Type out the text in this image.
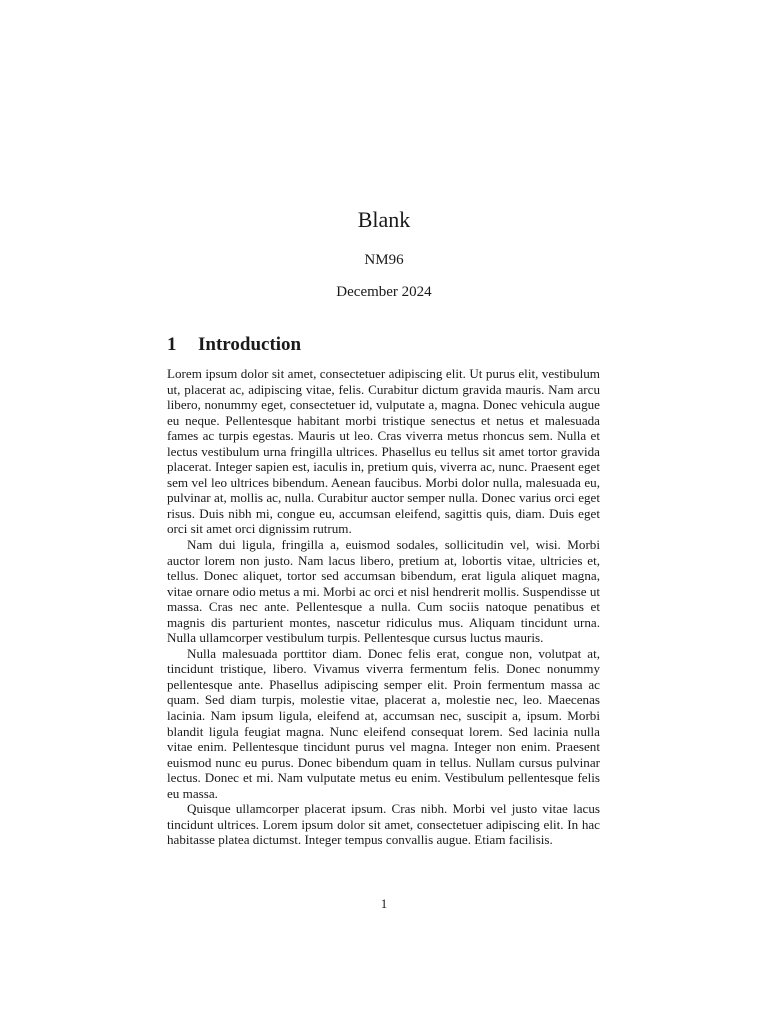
Blank
NM96
December 2024
1 Introduction

Lorem ipsum dolor sit amet, consectetuer adipiscing elit. Ut purus elit, vestibulum ut, placerat ac, adipiscing vitae, felis. Curabitur dictum gravida mauris. Nam arcu libero, nonummy eget, consectetuer id, vulputate a, magna. Donec vehicula augue eu neque. Pellentesque habitant morbi tristique senectus et netus et malesuada fames ac turpis egestas. Mauris ut leo. Cras viverra metus rhoncus sem. Nulla et lectus vestibulum urna fringilla ultrices. Phasellus eu tellus sit amet tortor gravida placerat. Integer sapien est, iaculis in, pretium quis, viverra ac, nunc. Praesent eget sem vel leo ultrices bibendum. Aenean faucibus. Morbi dolor nulla, malesuada eu, pulvinar at, mollis ac, nulla. Curabitur auctor semper nulla. Donec varius orci eget risus. Duis nibh mi, congue eu, accumsan eleifend, sagittis quis, diam. Duis eget orci sit amet orci dignissim rutrum.

Nam dui ligula, fringilla a, euismod sodales, sollicitudin vel, wisi. Morbi auctor lorem non justo. Nam lacus libero, pretium at, lobortis vitae, ultricies et, tellus. Donec aliquet, tortor sed accumsan bibendum, erat ligula aliquet magna, vitae ornare odio metus a mi. Morbi ac orci et nisl hendrerit mollis. Suspendisse ut massa. Cras nec ante. Pellentesque a nulla. Cum sociis natoque penatibus et magnis dis parturient montes, nascetur ridiculus mus. Aliquam tincidunt urna. Nulla ullamcorper vestibulum turpis. Pellentesque cursus luctus mauris.

Nulla malesuada porttitor diam. Donec felis erat, congue non, volutpat at, tincidunt tristique, libero. Vivamus viverra fermentum felis. Donec nonummy pellentesque ante. Phasellus adipiscing semper elit. Proin fermentum massa ac quam. Sed diam turpis, molestie vitae, placerat a, molestie nec, leo. Maecenas lacinia. Nam ipsum ligula, eleifend at, accumsan nec, suscipit a, ipsum. Morbi blandit ligula feugiat magna. Nunc eleifend consequat lorem. Sed lacinia nulla vitae enim. Pellentesque tincidunt purus vel magna. Integer non enim. Praesent euismod nunc eu purus. Donec bibendum quam in tellus. Nullam cursus pulvinar lectus. Donec et mi. Nam vulputate metus eu enim. Vestibulum pellentesque felis eu massa.

Quisque ullamcorper placerat ipsum. Cras nibh. Morbi vel justo vitae lacus tincidunt ultrices. Lorem ipsum dolor sit amet, consectetuer adipiscing elit. In hac habitasse platea dictumst. Integer tempus convallis augue. Etiam facilisis.

1
